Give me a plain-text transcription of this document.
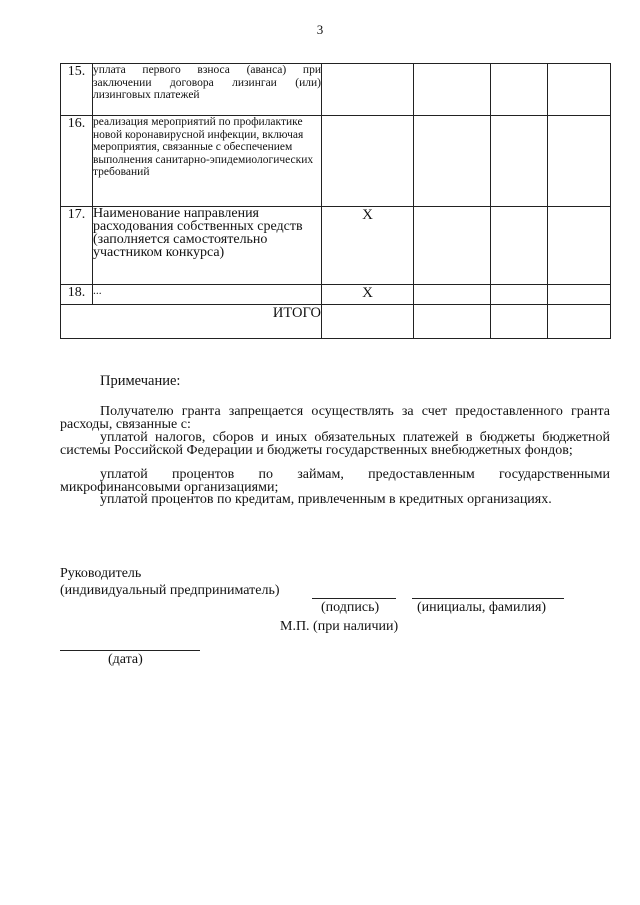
3
15.	уплата первого взноса (аванса) при заключении договора лизингаи (или) лизинговых платежей				

16.	реализация мероприятий по профилактике новой коронавирусной инфекции, включая мероприятия, связанные с обеспечением выполнения санитарно-эпидемиологических требований				

17.	Наименование направления расходования собственных средств (заполняется самостоятельно участником конкурса)	X			
18.	...	X			
ИТОГО					
Примечание:
Получателю гранта запрещается осуществлять за счет предоставленного гранта расходы, связанные с:
уплатой налогов, сборов и иных обязательных платежей в бюджеты бюджетной системы Российской Федерации и бюджеты государственных внебюджетных фондов;
уплатой процентов по займам, предоставленным государственными микрофинансовыми организациями;
уплатой процентов по кредитам, привлеченным в кредитных организациях.
Руководитель
(индивидуальный предприниматель)
(подпись)	(инициалы, фамилия)
М.П. (при наличии)
(дата)
